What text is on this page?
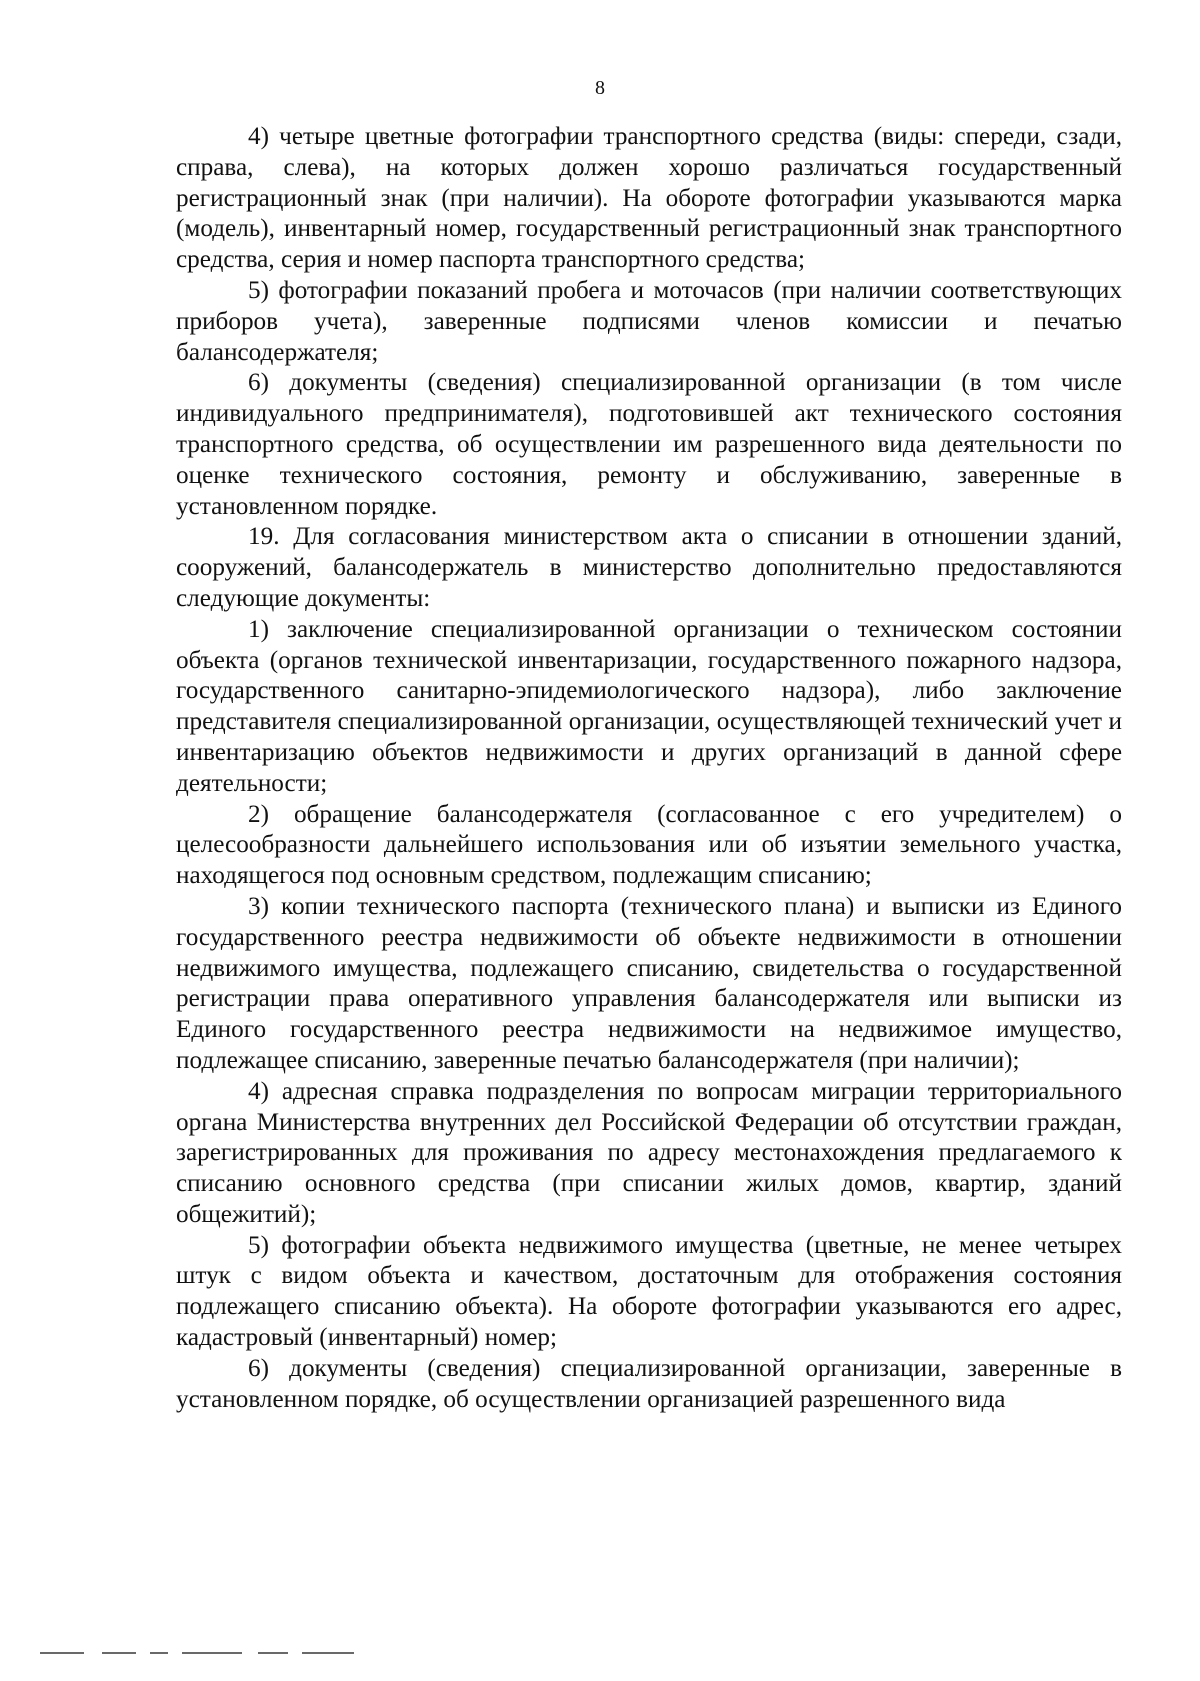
8

4) четыре цветные фотографии транспортного средства (виды: спереди, сзади, справа, слева), на которых должен хорошо различаться государственный регистрационный знак (при наличии). На обороте фотографии указываются марка (модель), инвентарный номер, государственный регистрационный знак транспортного средства, серия и номер паспорта транспортного средства;

5) фотографии показаний пробега и моточасов (при наличии соответствующих приборов учета), заверенные подписями членов комиссии и печатью балансодержателя;

6) документы (сведения) специализированной организации (в том числе индивидуального предпринимателя), подготовившей акт технического состояния транспортного средства, об осуществлении им разрешенного вида деятельности по оценке технического состояния, ремонту и обслуживанию, заверенные в установленном порядке.

19. Для согласования министерством акта о списании в отношении зданий, сооружений, балансодержатель в министерство дополнительно предоставляются следующие документы:

1) заключение специализированной организации о техническом состоянии объекта (органов технической инвентаризации, государственного пожарного надзора, государственного санитарно-эпидемиологического надзора), либо заключение представителя специализированной организации, осуществляющей технический учет и инвентаризацию объектов недвижимости и других организаций в данной сфере деятельности;

2) обращение балансодержателя (согласованное с его учредителем) о целесообразности дальнейшего использования или об изъятии земельного участка, находящегося под основным средством, подлежащим списанию;

3) копии технического паспорта (технического плана) и выписки из Единого государственного реестра недвижимости об объекте недвижимости в отношении недвижимого имущества, подлежащего списанию, свидетельства о государственной регистрации права оперативного управления балансодержателя или выписки из Единого государственного реестра недвижимости на недвижимое имущество, подлежащее списанию, заверенные печатью балансодержателя (при наличии);

4) адресная справка подразделения по вопросам миграции территориального органа Министерства внутренних дел Российской Федерации об отсутствии граждан, зарегистрированных для проживания по адресу местонахождения предлагаемого к списанию основного средства (при списании жилых домов, квартир, зданий общежитий);

5) фотографии объекта недвижимого имущества (цветные, не менее четырех штук с видом объекта и качеством, достаточным для отображения состояния подлежащего списанию объекта). На обороте фотографии указываются его адрес, кадастровый (инвентарный) номер;

6) документы (сведения) специализированной организации, заверенные в установленном порядке, об осуществлении организацией разрешенного вида
